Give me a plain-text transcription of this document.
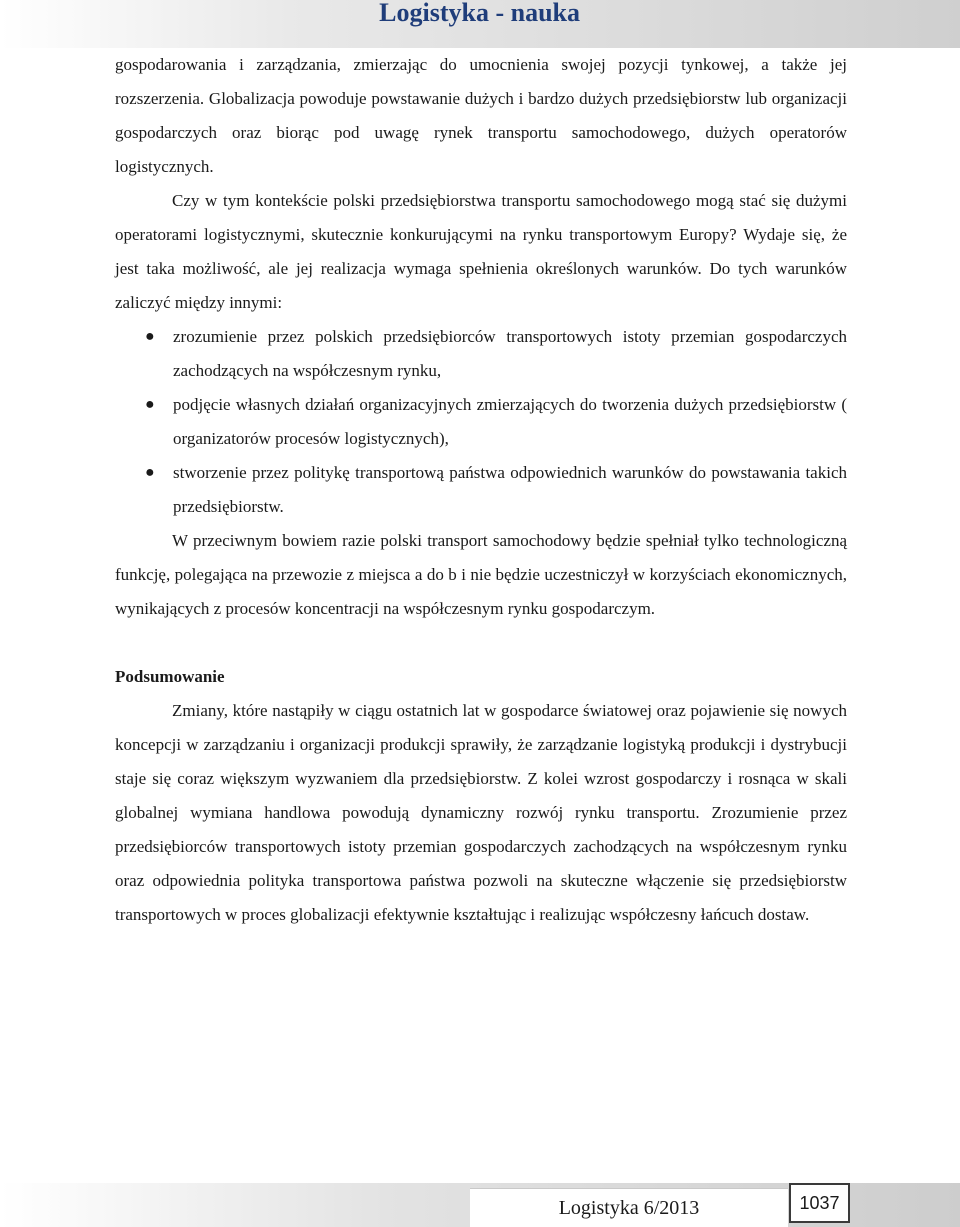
Logistyka - nauka

gospodarowania i zarządzania, zmierzając do umocnienia swojej pozycji tynkowej, a także jej rozszerzenia. Globalizacja powoduje powstawanie dużych i bardzo dużych przedsiębiorstw lub organizacji gospodarczych oraz biorąc pod uwagę rynek transportu samochodowego, dużych operatorów logistycznych.

Czy w tym kontekście polski przedsiębiorstwa transportu samochodowego mogą stać się dużymi operatorami logistycznymi, skutecznie konkurującymi na rynku transportowym Europy? Wydaje się, że jest taka możliwość, ale jej realizacja wymaga spełnienia określonych warunków. Do tych warunków zaliczyć między innymi:

● zrozumienie przez polskich przedsiębiorców transportowych istoty przemian gospodarczych zachodzących na współczesnym rynku,
● podjęcie własnych działań organizacyjnych zmierzających do tworzenia dużych przedsiębiorstw ( organizatorów procesów logistycznych),
● stworzenie przez politykę transportową państwa odpowiednich warunków do powstawania takich przedsiębiorstw.

W przeciwnym bowiem razie polski transport samochodowy będzie spełniał tylko technologiczną funkcję, polegająca na przewozie z miejsca a do b i nie będzie uczestniczył w korzyściach ekonomicznych, wynikających z procesów koncentracji na współczesnym rynku gospodarczym.

Podsumowanie

Zmiany, które nastąpiły w ciągu ostatnich lat w gospodarce światowej oraz pojawienie się nowych koncepcji w zarządzaniu i organizacji produkcji sprawiły, że zarządzanie logistyką produkcji i dystrybucji staje się coraz większym wyzwaniem dla przedsiębiorstw. Z kolei wzrost gospodarczy i rosnąca w skali globalnej wymiana handlowa powodują dynamiczny rozwój rynku transportu. Zrozumienie przez przedsiębiorców transportowych istoty przemian gospodarczych zachodzących na współczesnym rynku oraz odpowiednia polityka transportowa państwa pozwoli na skuteczne włączenie się przedsiębiorstw transportowych w proces globalizacji efektywnie kształtując i realizując współczesny łańcuch dostaw.

Logistyka 6/2013	1037
